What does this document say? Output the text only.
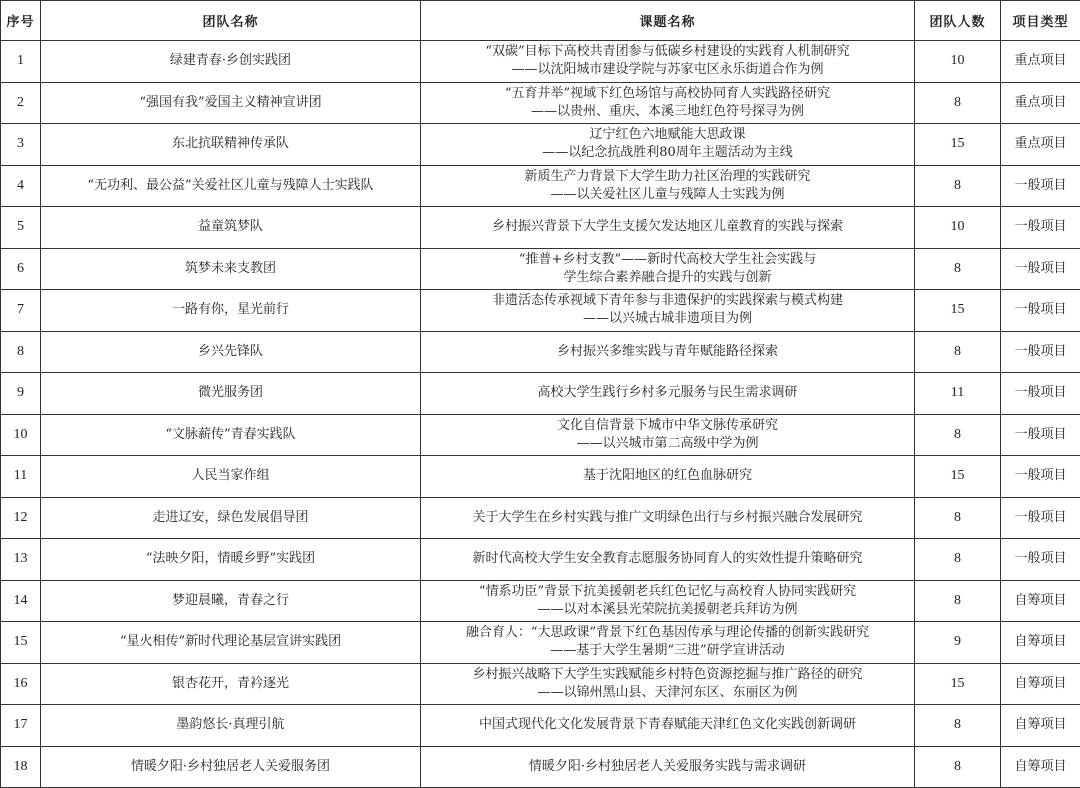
序号	团队名称	课题名称	团队人数	项目类型
1	绿建青春·乡创实践团	“双碳”目标下高校共青团参与低碳乡村建设的实践育人机制研究
——以沈阳城市建设学院与苏家屯区永乐街道合作为例	10	重点项目
2	“强国有我”爱国主义精神宣讲团	“五育并举”视域下红色场馆与高校协同育人实践路径研究
——以贵州、重庆、本溪三地红色符号探寻为例	8	重点项目
3	东北抗联精神传承队	辽宁红色六地赋能大思政课
——以纪念抗战胜利80周年主题活动为主线	15	重点项目
4	“无功利、最公益”关爱社区儿童与残障人士实践队	新质生产力背景下大学生助力社区治理的实践研究
——以关爱社区儿童与残障人士实践为例	8	一般项目
5	益童筑梦队	乡村振兴背景下大学生支援欠发达地区儿童教育的实践与探索	10	一般项目
6	筑梦未来支教团	“推普+乡村支教”——新时代高校大学生社会实践与
学生综合素养融合提升的实践与创新	8	一般项目
7	一路有你，星光前行	非遗活态传承视域下青年参与非遗保护的实践探索与模式构建
——以兴城古城非遗项目为例	15	一般项目
8	乡兴先锋队	乡村振兴多维实践与青年赋能路径探索	8	一般项目
9	微光服务团	高校大学生践行乡村多元服务与民生需求调研	11	一般项目
10	“文脉薪传”青春实践队	文化自信背景下城市中华文脉传承研究
——以兴城市第二高级中学为例	8	一般项目
11	人民当家作组	基于沈阳地区的红色血脉研究	15	一般项目
12	走进辽安，绿色发展倡导团	关于大学生在乡村实践与推广文明绿色出行与乡村振兴融合发展研究	8	一般项目
13	“法映夕阳，情暖乡野”实践团	新时代高校大学生安全教育志愿服务协同育人的实效性提升策略研究	8	一般项目
14	梦迎晨曦，青春之行	“情系功臣”背景下抗美援朝老兵红色记忆与高校育人协同实践研究
——以对本溪县光荣院抗美援朝老兵拜访为例	8	自筹项目
15	“星火相传”新时代理论基层宣讲实践团	融合育人：“大思政课”背景下红色基因传承与理论传播的创新实践研究
——基于大学生暑期“三进”研学宣讲活动	9	自筹项目
16	银杏花开，青衿逐光	乡村振兴战略下大学生实践赋能乡村特色资源挖掘与推广路径的研究
——以锦州黑山县、天津河东区、东丽区为例	15	自筹项目
17	墨韵悠长·真理引航	中国式现代化文化发展背景下青春赋能天津红色文化实践创新调研	8	自筹项目
18	情暖夕阳·乡村独居老人关爱服务团	情暖夕阳·乡村独居老人关爱服务实践与需求调研	8	自筹项目
